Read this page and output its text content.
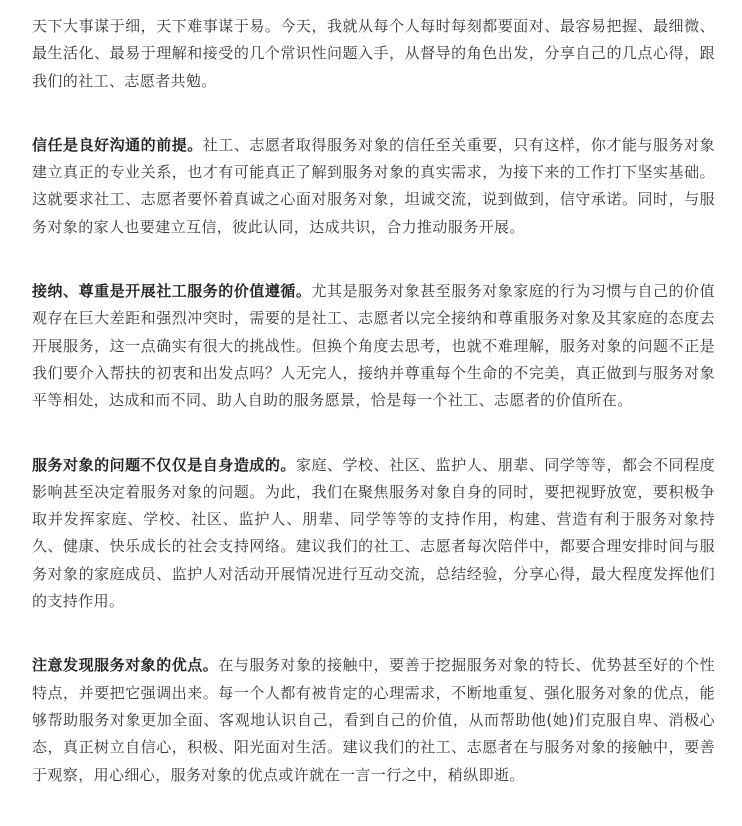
天下大事谋于细，天下难事谋于易。今天，我就从每个人每时每刻都要面对、最容易把握、最细微、最生活化、最易于理解和接受的几个常识性问题入手，从督导的角色出发，分享自己的几点心得，跟我们的社工、志愿者共勉。

信任是良好沟通的前提。社工、志愿者取得服务对象的信任至关重要，只有这样，你才能与服务对象建立真正的专业关系，也才有可能真正了解到服务对象的真实需求，为接下来的工作打下坚实基础。这就要求社工、志愿者要怀着真诚之心面对服务对象，坦诚交流，说到做到，信守承诺。同时，与服务对象的家人也要建立互信，彼此认同，达成共识，合力推动服务开展。

接纳、尊重是开展社工服务的价值遵循。尤其是服务对象甚至服务对象家庭的行为习惯与自己的价值观存在巨大差距和强烈冲突时，需要的是社工、志愿者以完全接纳和尊重服务对象及其家庭的态度去开展服务，这一点确实有很大的挑战性。但换个角度去思考，也就不难理解，服务对象的问题不正是我们要介入帮扶的初衷和出发点吗？人无完人，接纳并尊重每个生命的不完美，真正做到与服务对象平等相处，达成和而不同、助人自助的服务愿景，恰是每一个社工、志愿者的价值所在。

服务对象的问题不仅仅是自身造成的。家庭、学校、社区、监护人、朋辈、同学等等，都会不同程度影响甚至决定着服务对象的问题。为此，我们在聚焦服务对象自身的同时，要把视野放宽，要积极争取并发挥家庭、学校、社区、监护人、朋辈、同学等等的支持作用，构建、营造有利于服务对象持久、健康、快乐成长的社会支持网络。建议我们的社工、志愿者每次陪伴中，都要合理安排时间与服务对象的家庭成员、监护人对活动开展情况进行互动交流，总结经验，分享心得，最大程度发挥他们的支持作用。

注意发现服务对象的优点。在与服务对象的接触中，要善于挖掘服务对象的特长、优势甚至好的个性特点，并要把它强调出来。每一个人都有被肯定的心理需求，不断地重复、强化服务对象的优点，能够帮助服务对象更加全面、客观地认识自己，看到自己的价值，从而帮助他(她)们克服自卑、消极心态，真正树立自信心，积极、阳光面对生活。建议我们的社工、志愿者在与服务对象的接触中，要善于观察，用心细心，服务对象的优点或许就在一言一行之中，稍纵即逝。
